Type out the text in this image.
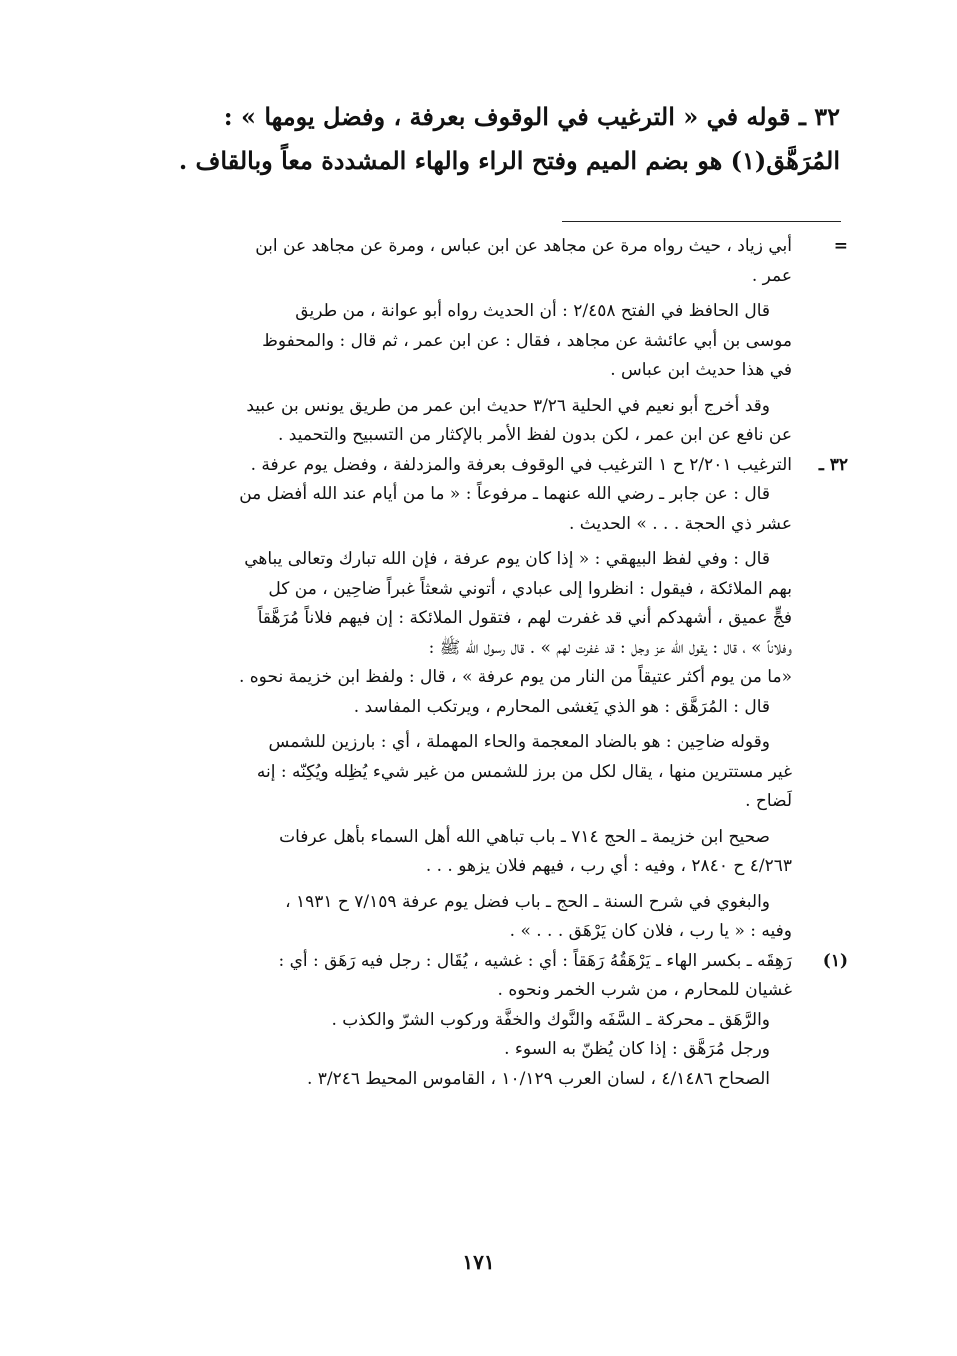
٣٢ ـ قوله في « الترغيب في الوقوف بعرفة ، وفضل يومها » :

المُرَهَّق(١) هو بضم الميم وفتح الراء والهاء المشددة معاً وبالقاف .

=
أبي زياد ، حيث رواه مرة عن مجاهد عن ابن عباس ، ومرة عن مجاهد عن ابن
عمر .
قال الحافظ في الفتح ٢/٤٥٨ : أن الحديث رواه أبو عوانة ، من طريق
موسى بن أبي عائشة عن مجاهد ، فقال : عن ابن عمر ، ثم قال : والمحفوظ
في هذا حديث ابن عباس .
وقد أخرج أبو نعيم في الحلية ٣/٢٦ حديث ابن عمر من طريق يونس بن عبيد
عن نافع عن ابن عمر ، لكن بدون لفظ الأمر بالإكثار من التسبيح والتحميد .
٣٢ ـ
الترغيب ٢/٢٠١ ح ١ الترغيب في الوقوف بعرفة والمزدلفة ، وفضل يوم عرفة .
قال : عن جابر ـ رضي الله عنهما ـ مرفوعاً : « ما من أيام عند الله أفضل من
عشر ذي الحجة . . . » الحديث .
قال : وفي لفظ البيهقي : « إذا كان يوم عرفة ، فإن الله تبارك وتعالى يباهي
بهم الملائكة ، فيقول : انظروا إلى عبادي ، أتوني شعثاً غبراً ضاحِين ، من كل
فجٍّ عميق ، أشهدكم أني قد غفرت لهم ، فتقول الملائكة : إن فيهم فلاناً مُرَهَّقاً
وفلاناً » ، قال : يقول الله عز وجل : قد غفرت لهم » . قال رسول الله ﷺ :
«ما من يوم أكثر عتيقاً من النار من يوم عرفة » ، قال : ولفظ ابن خزيمة نحوه .
قال : المُرَهَّق : هو الذي يَغشى المحارم ، ويرتكب المفاسد .
وقوله ضاحِين : هو بالضاد المعجمة والحاء المهملة ، أي : بارزين للشمس
غير مستترين منها ، يقال لكل من برز للشمس من غير شيء يُظِله ويُكِنّه : إنه
لَضاح .
صحيح ابن خزيمة ـ الحج ٧١٤ ـ باب تباهي الله أهل السماء بأهل عرفات
٤/٢٦٣ ح ٢٨٤٠ ، وفيه : أي رب ، فيهم فلان يزهو . . .
والبغوي في شرح السنة ـ الحج ـ باب فضل يوم عرفة ٧/١٥٩ ح ١٩٣١ ،
وفيه : « يا رب ، فلان كان يَرْهَق . . . » .
(١)
رَهِقَه ـ بكسر الهاء ـ يَرْهَقُهُ رَهَقاً : أي : غشيه ، يُقَال : رجل فيه رَهَق : أي :
غشيان للمحارم ، من شرب الخمر ونحوه .
والرَّهَق ـ محركة ـ السَّفَه والنَّوك والخفَّة وركوب الشرّ والكذب .
ورجل مُرَهَّق : إذا كان يُظنّ به السوء .
الصحاح ٤/١٤٨٦ ، لسان العرب ١٠/١٢٩ ، القاموس المحيط ٣/٢٤٦ .
١٧١
